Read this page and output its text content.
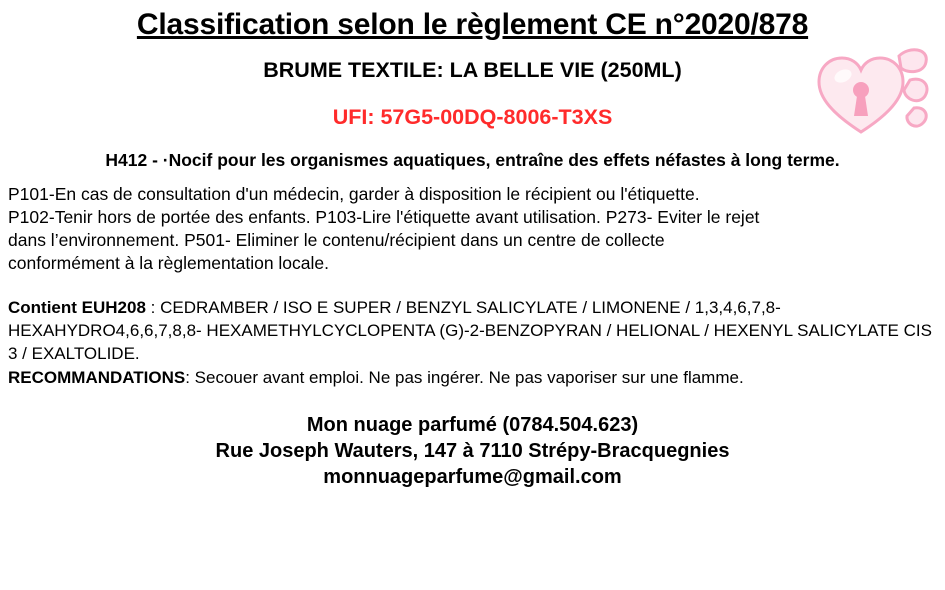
Classification selon le règlement CE n°2020/878
BRUME TEXTILE: LA BELLE VIE (250ML)
UFI: 57G5-00DQ-8006-T3XS
H412 - ·Nocif pour les organismes aquatiques, entraîne des effets néfastes à long terme.

P101-En cas de consultation d'un médecin, garder à disposition le récipient ou l'étiquette.

P102-Tenir hors de portée des enfants. P103-Lire l'étiquette avant utilisation. P273- Eviter le rejet

dans l’environnement. P501- Eliminer le contenu/récipient dans un centre de collecte

conformément à la règlementation locale.

Contient EUH208 : CEDRAMBER / ISO E SUPER / BENZYL SALICYLATE / LIMONENE / 1,3,4,6,7,8-HEXAHYDRO4,6,6,7,8,8- HEXAMETHYLCYCLOPENTA (G)-2-BENZOPYRAN / HELIONAL / HEXENYL SALICYLATE CIS 3 / EXALTOLIDE.
RECOMMANDATIONS: Secouer avant emploi. Ne pas ingérer. Ne pas vaporiser sur une flamme.
Mon nuage parfumé (0784.504.623)
Rue Joseph Wauters, 147 à 7110 Strépy-Bracquegnies
monnuageparfume@gmail.com
